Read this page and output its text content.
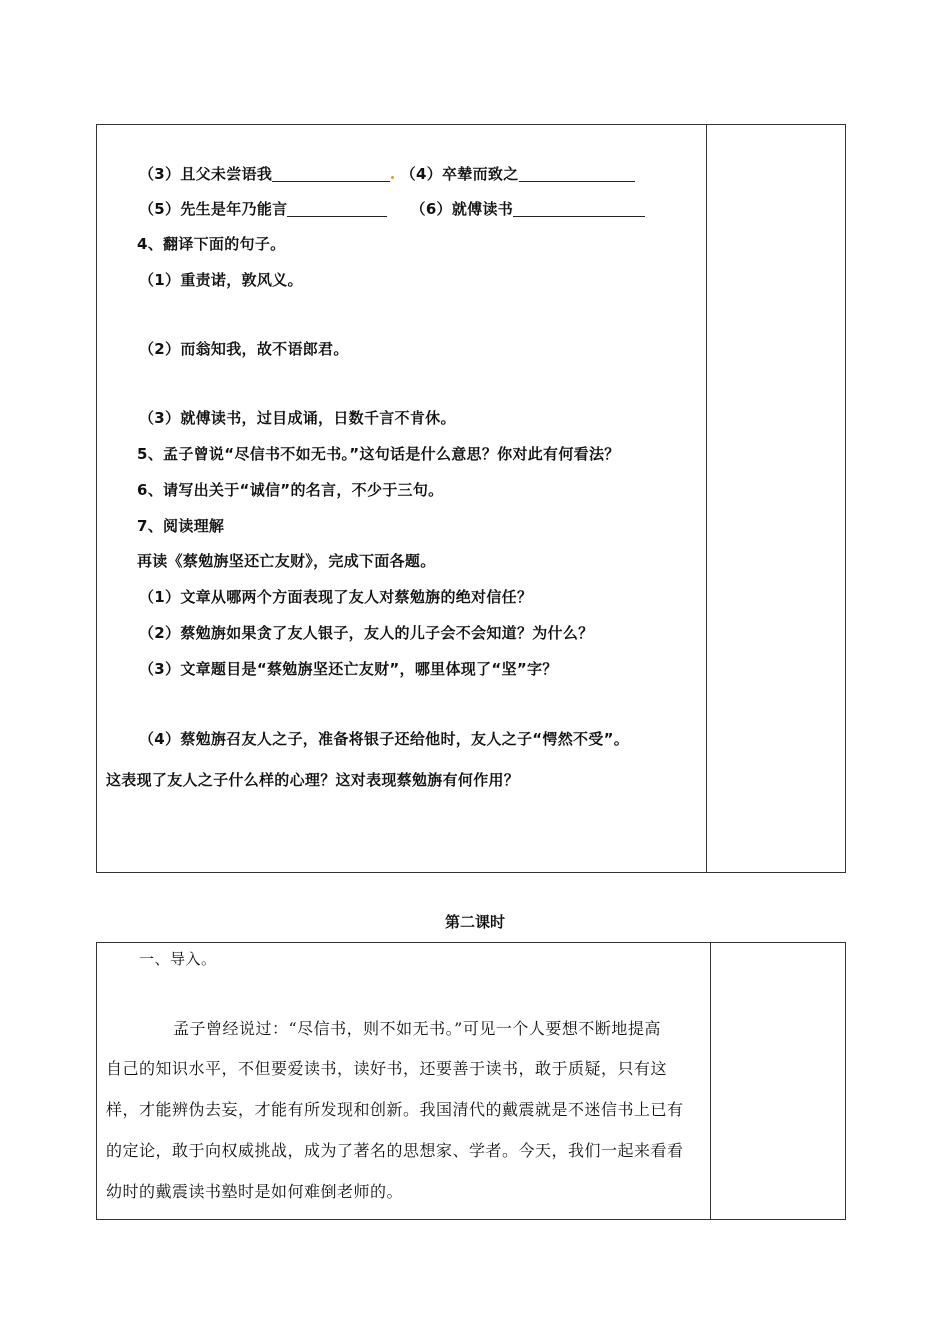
（3）且父未尝语我	（4）卒辇而致之
（5）先生是年乃能言	（6）就傅读书
4、翻译下面的句子。
（1）重责诺，敦风义。
（2）而翁知我，故不语郎君。
（3）就傅读书，过目成诵，日数千言不肯休。
5、孟子曾说“尽信书不如无书。”这句话是什么意思？你对此有何看法？
6、请写出关于“诚信”的名言，不少于三句。
7、阅读理解
再读《蔡勉旃坚还亡友财》，完成下面各题。
（1）文章从哪两个方面表现了友人对蔡勉旃的绝对信任？
（2）蔡勉旃如果贪了友人银子，友人的儿子会不会知道？为什么？
（3）文章题目是“蔡勉旃坚还亡友财”，哪里体现了“坚”字？
（4）蔡勉旃召友人之子，准备将银子还给他时，友人之子“愕然不受”。
这表现了友人之子什么样的心理？这对表现蔡勉旃有何作用？
第二课时
一、导入。
孟子曾经说过：“尽信书，则不如无书。”可见一个人要想不断地提高
自己的知识水平，不但要爱读书，读好书，还要善于读书，敢于质疑，只有这
样，才能辨伪去妄，才能有所发现和创新。我国清代的戴震就是不迷信书上已有
的定论，敢于向权威挑战，成为了著名的思想家、学者。今天，我们一起来看看
幼时的戴震读书塾时是如何难倒老师的。
